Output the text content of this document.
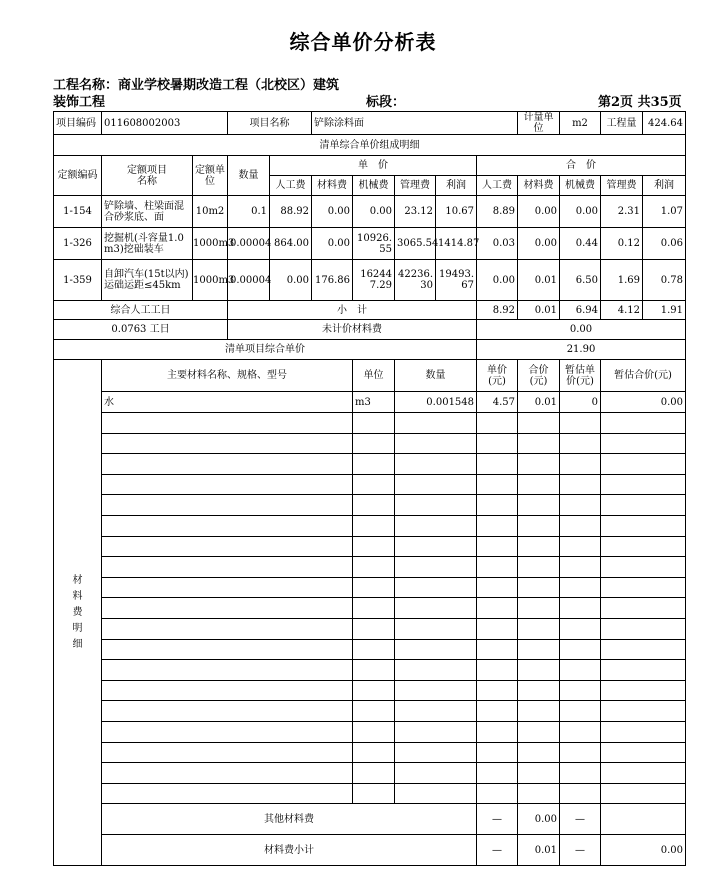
综合单价分析表
工程名称：商业学校暑期改造工程（北校区）建筑
装饰工程	标段：	第2页 共35页
项目编码	011608002003		项目名称		铲除涂料面					计量单位	m2	工程量	424.64
清单综合单价组成明细													
定额编码	定额项目名称	定额单位	数量	单　价					合　价				
				人工费	材料费	机械费	管理费	利润	人工费	材料费	机械费	管理费	利润
1-154	铲除墙、柱梁面混合砂浆底、面	10m2	0.1	88.92	0.00	0.00	23.12	10.67	8.89	0.00	0.00	2.31	1.07
1-326	挖掘机(斗容量1.0m3)挖础装车	1000m3	0.00004	864.00	0.00	10926.55	3065.54	1414.87	0.03	0.00	0.44	0.12	0.06
1-359	自卸汽车(15t以内)运础运距≤45km	1000m3	0.00004	0.00	176.86	162447.29	42236.30	19493.67	0.00	0.01	6.50	1.69	0.78
综合人工工日			小　计						8.92	0.01	6.94	4.12	1.91
0.0763 工日			未计价材料费						0.00				
清单项目综合单价									21.90				
材料费明细	主要材料名称、规格、型号					单位	数量		单价(元)	合价(元)	暂估单价(元)	暂估合价(元)	
	水					m3	0.001548		4.57	0.01	0	0.00	

	其他材料费								—	0.00	—		
	材料费小计								—	0.01	—	0.00	
